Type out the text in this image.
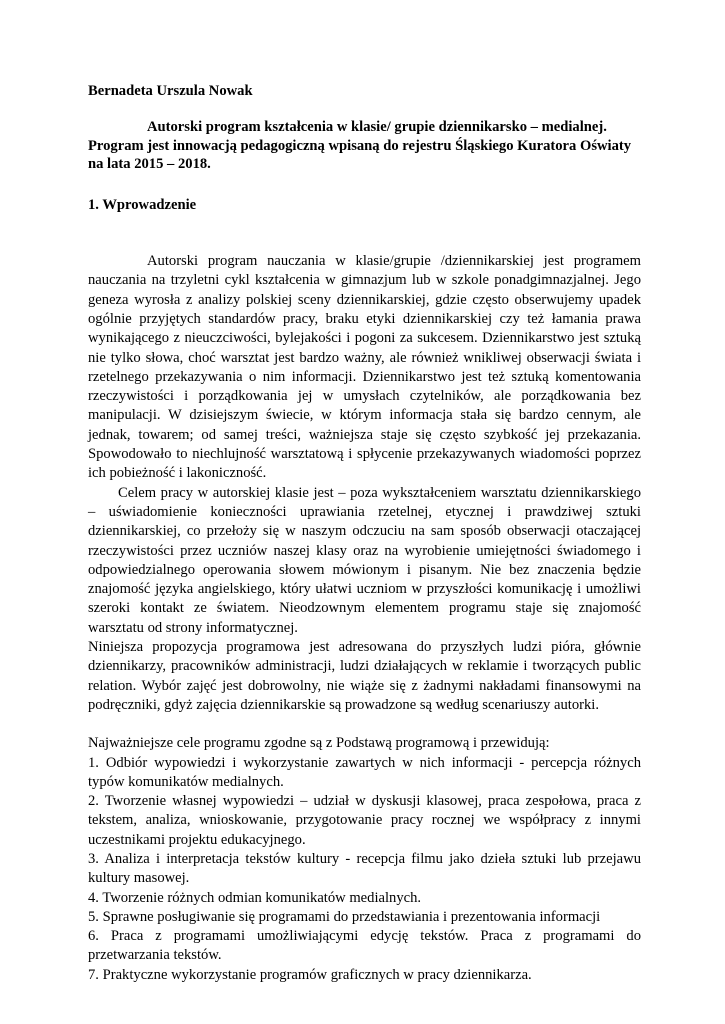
Bernadeta Urszula Nowak

Autorski program kształcenia w klasie/ grupie dziennikarsko – medialnej. Program jest innowacją pedagogiczną wpisaną do rejestru Śląskiego Kuratora Oświaty na lata 2015 – 2018.

1. Wprowadzenie

Autorski program nauczania w klasie/grupie /dziennikarskiej jest programem nauczania na trzyletni cykl kształcenia w gimnazjum lub w szkole ponadgimnazjalnej. Jego geneza wyrosła z analizy polskiej sceny dziennikarskiej, gdzie często obserwujemy upadek ogólnie przyjętych standardów pracy, braku etyki dziennikarskiej czy też łamania prawa wynikającego z nieuczciwości, bylejakości i pogoni za sukcesem. Dziennikarstwo jest sztuką nie tylko słowa, choć warsztat jest bardzo ważny, ale również wnikliwej obserwacji świata i rzetelnego przekazywania o nim informacji. Dziennikarstwo jest też sztuką komentowania rzeczywistości i porządkowania jej w umysłach czytelników, ale porządkowania bez manipulacji. W dzisiejszym świecie, w którym informacja stała się bardzo cennym, ale jednak, towarem; od samej treści, ważniejsza staje się często szybkość jej przekazania. Spowodowało to niechlujność warsztatową i spłycenie przekazywanych wiadomości poprzez ich pobieżność i lakoniczność.

Celem pracy w autorskiej klasie jest – poza wykształceniem warsztatu dziennikarskiego – uświadomienie konieczności uprawiania rzetelnej, etycznej i prawdziwej sztuki dziennikarskiej, co przełoży się w naszym odczuciu na sam sposób obserwacji otaczającej rzeczywistości przez uczniów naszej klasy oraz na wyrobienie umiejętności świadomego i odpowiedzialnego operowania słowem mówionym i pisanym. Nie bez znaczenia będzie znajomość języka angielskiego, który ułatwi uczniom w przyszłości komunikację i umożliwi szeroki kontakt ze światem. Nieodzownym elementem programu staje się znajomość warsztatu od strony informatycznej.

Niniejsza propozycja programowa jest adresowana do przyszłych ludzi pióra, głównie dziennikarzy, pracowników administracji, ludzi działających w reklamie i tworzących public relation. Wybór zajęć jest dobrowolny, nie wiąże się z żadnymi nakładami finansowymi na podręczniki, gdyż zajęcia dziennikarskie są prowadzone są według scenariuszy autorki.

Najważniejsze cele programu zgodne są z Podstawą programową i przewidują:

1. Odbiór wypowiedzi i wykorzystanie zawartych w nich informacji - percepcja różnych typów komunikatów medialnych.

2. Tworzenie własnej wypowiedzi – udział w dyskusji klasowej, praca zespołowa, praca z tekstem, analiza, wnioskowanie, przygotowanie pracy rocznej we współpracy z innymi uczestnikami projektu edukacyjnego.

3. Analiza i interpretacja tekstów kultury - recepcja filmu jako dzieła sztuki lub przejawu kultury masowej.

4. Tworzenie różnych odmian komunikatów medialnych.

5. Sprawne posługiwanie się programami do przedstawiania i prezentowania informacji

6. Praca z programami umożliwiającymi edycję tekstów. Praca z programami do przetwarzania tekstów.

7. Praktyczne wykorzystanie programów graficznych w pracy dziennikarza.
